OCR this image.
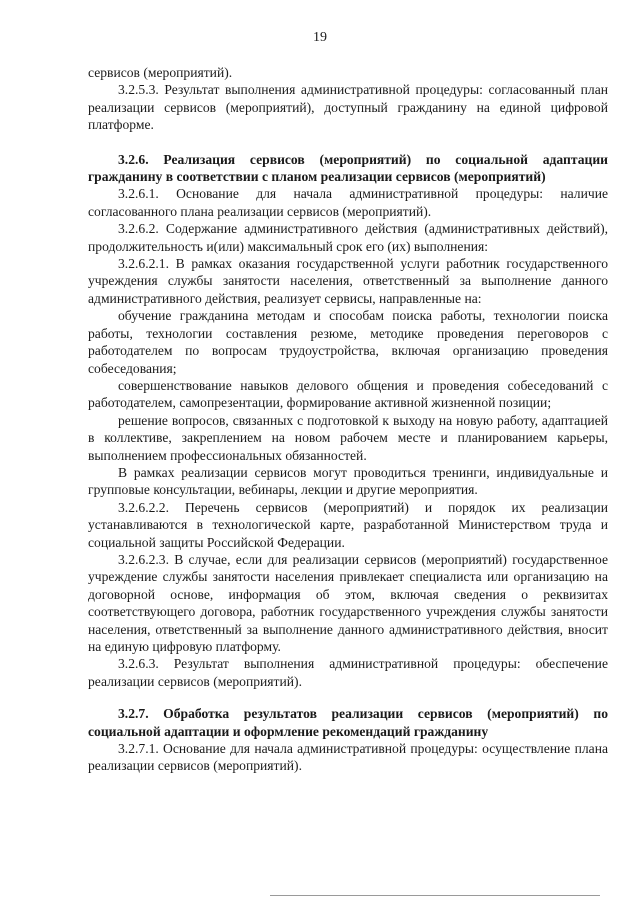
19

сервисов (мероприятий).

3.2.5.3. Результат выполнения административной процедуры: согласованный план реализации сервисов (мероприятий), доступный гражданину на единой цифровой платформе.

3.2.6. Реализация сервисов (мероприятий) по социальной адаптации гражданину в соответствии с планом реализации сервисов (мероприятий)

3.2.6.1. Основание для начала административной процедуры: наличие согласованного плана реализации сервисов (мероприятий).

3.2.6.2. Содержание административного действия (административных действий), продолжительность и(или) максимальный срок его (их) выполнения:

3.2.6.2.1. В рамках оказания государственной услуги работник государственного учреждения службы занятости населения, ответственный за выполнение данного административного действия, реализует сервисы, направленные на:

обучение гражданина методам и способам поиска работы, технологии поиска работы, технологии составления резюме, методике проведения переговоров с работодателем по вопросам трудоустройства, включая организацию проведения собеседования;

совершенствование навыков делового общения и проведения собеседований с работодателем, самопрезентации, формирование активной жизненной позиции;

решение вопросов, связанных с подготовкой к выходу на новую работу, адаптацией в коллективе, закреплением на новом рабочем месте и планированием карьеры, выполнением профессиональных обязанностей.

В рамках реализации сервисов могут проводиться тренинги, индивидуальные и групповые консультации, вебинары, лекции и другие мероприятия.

3.2.6.2.2. Перечень сервисов (мероприятий) и порядок их реализации устанавливаются в технологической карте, разработанной Министерством труда и социальной защиты Российской Федерации.

3.2.6.2.3. В случае, если для реализации сервисов (мероприятий) государственное учреждение службы занятости населения привлекает специалиста или организацию на договорной основе, информация об этом, включая сведения о реквизитах соответствующего договора, работник государственного учреждения службы занятости населения, ответственный за выполнение данного административного действия, вносит на единую цифровую платформу.

3.2.6.3. Результат выполнения административной процедуры: обеспечение реализации сервисов (мероприятий).

3.2.7. Обработка результатов реализации сервисов (мероприятий) по социальной адаптации и оформление рекомендаций гражданину

3.2.7.1. Основание для начала административной процедуры: осуществление плана реализации сервисов (мероприятий).
